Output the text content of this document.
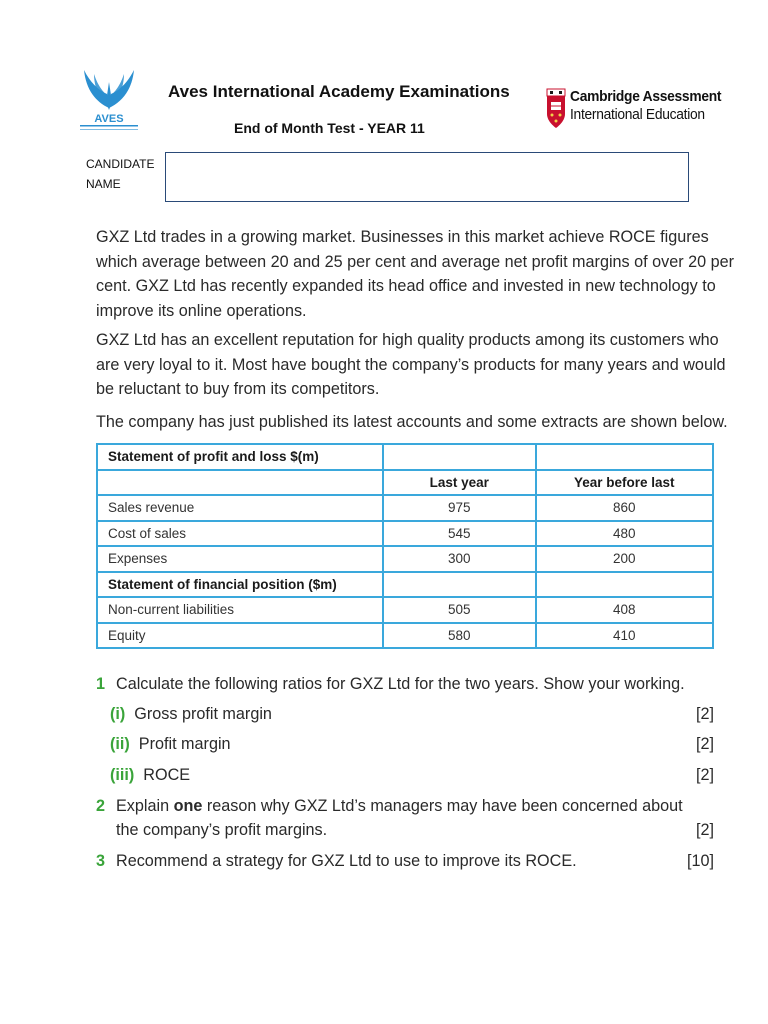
AVES
Aves International Academy Examinations
End of Month Test - YEAR 11
Cambridge Assessment
International Education
CANDIDATE
NAME
GXZ Ltd trades in a growing market. Businesses in this market achieve ROCE figures which average between 20 and 25 per cent and average net profit margins of over 20 per cent. GXZ Ltd has recently expanded its head office and invested in new technology to improve its online operations.
GXZ Ltd has an excellent reputation for high quality products among its customers who are very loyal to it. Most have bought the company’s products for many years and would be reluctant to buy from its competitors.
The company has just published its latest accounts and some extracts are shown below.
Statement of profit and loss $(m)		
	Last year	Year before last
Sales revenue	975	860
Cost of sales	545	480
Expenses	300	200
Statement of financial position ($m)		
Non-current liabilities	505	408
Equity	580	410
1 Calculate the following ratios for GXZ Ltd for the two years. Show your working.
(i) Gross profit margin	[2]
(ii) Profit margin	[2]
(iii) ROCE	[2]
2 Explain one reason why GXZ Ltd’s managers may have been concerned about
the company’s profit margins.	[2]
3 Recommend a strategy for GXZ Ltd to use to improve its ROCE.	[10]
